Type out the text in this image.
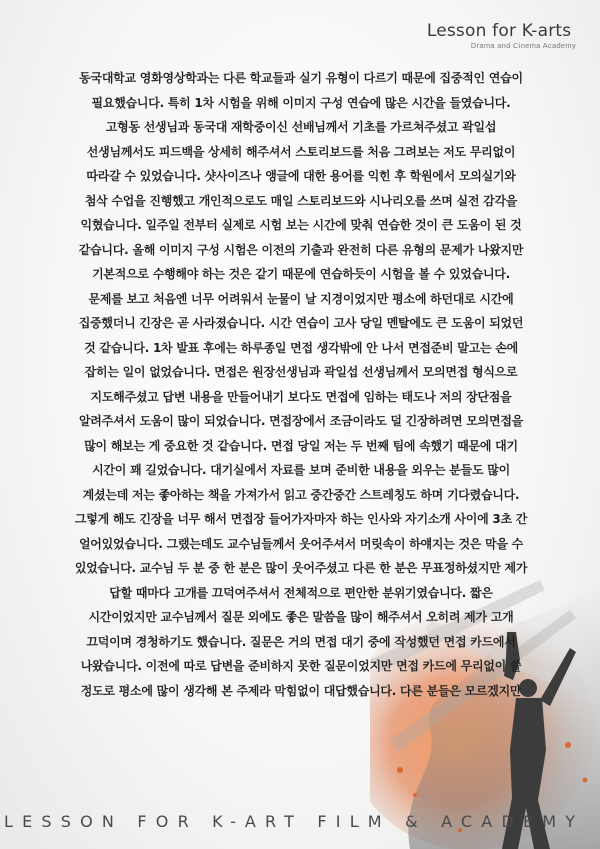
Lesson for K-arts
Drama and Cinema Academy
동국대학교 영화영상학과는 다른 학교들과 실기 유형이 다르기 때문에 집중적인 연습이
필요했습니다. 특히 1차 시험을 위해 이미지 구성 연습에 많은 시간을 들였습니다.
고형동 선생님과 동국대 재학중이신 선배님께서 기초를 가르쳐주셨고 곽일섭
선생님께서도 피드백을 상세히 해주셔서 스토리보드를 처음 그려보는 저도 무리없이
따라갈 수 있었습니다. 샷사이즈나 앵글에 대한 용어를 익힌 후 학원에서 모의실기와
첨삭 수업을 진행했고 개인적으로도 매일 스토리보드와 시나리오를 쓰며 실전 감각을
익혔습니다. 일주일 전부터 실제로 시험 보는 시간에 맞춰 연습한 것이 큰 도움이 된 것
같습니다. 올해 이미지 구성 시험은 이전의 기출과 완전히 다른 유형의 문제가 나왔지만
기본적으로 수행해야 하는 것은 같기 때문에 연습하듯이 시험을 볼 수 있었습니다.
문제를 보고 처음엔 너무 어려워서 눈물이 날 지경이었지만 평소에 하던대로 시간에
집중했더니 긴장은 곧 사라졌습니다. 시간 연습이 고사 당일 멘탈에도 큰 도움이 되었던
것 같습니다. 1차 발표 후에는 하루종일 면접 생각밖에 안 나서 면접준비 말고는 손에
잡히는 일이 없었습니다. 면접은 원장선생님과 곽일섭 선생님께서 모의면접 형식으로
지도해주셨고 답변 내용을 만들어내기 보다도 면접에 임하는 태도나 저의 장단점을
알려주셔서 도움이 많이 되었습니다. 면접장에서 조금이라도 덜 긴장하려면 모의면접을
많이 해보는 게 중요한 것 같습니다. 면접 당일 저는 두 번째 팀에 속했기 때문에 대기
시간이 꽤 길었습니다. 대기실에서 자료를 보며 준비한 내용을 외우는 분들도 많이
계셨는데 저는 좋아하는 책을 가져가서 읽고 중간중간 스트레칭도 하며 기다렸습니다.
그렇게 해도 긴장을 너무 해서 면접장 들어가자마자 하는 인사와 자기소개 사이에 3초 간
얼어있었습니다. 그랬는데도 교수님들께서 웃어주셔서 머릿속이 하얘지는 것은 막을 수
있었습니다. 교수님 두 분 중 한 분은 많이 웃어주셨고 다른 한 분은 무표정하셨지만 제가
답할 때마다 고개를 끄덕여주셔서 전체적으로 편안한 분위기였습니다. 짧은
시간이었지만 교수님께서 질문 외에도 좋은 말씀을 많이 해주셔서 오히려 제가 고개
끄덕이며 경청하기도 했습니다. 질문은 거의 면접 대기 중에 작성했던 면접 카드에서
나왔습니다. 이전에 따로 답변을 준비하지 못한 질문이었지만 면접 카드에 무리없이 쓸
정도로 평소에 많이 생각해 본 주제라 막힘없이 대답했습니다. 다른 분들은 모르겠지만
LESSON FOR K-ART FILM & ACADEMY
